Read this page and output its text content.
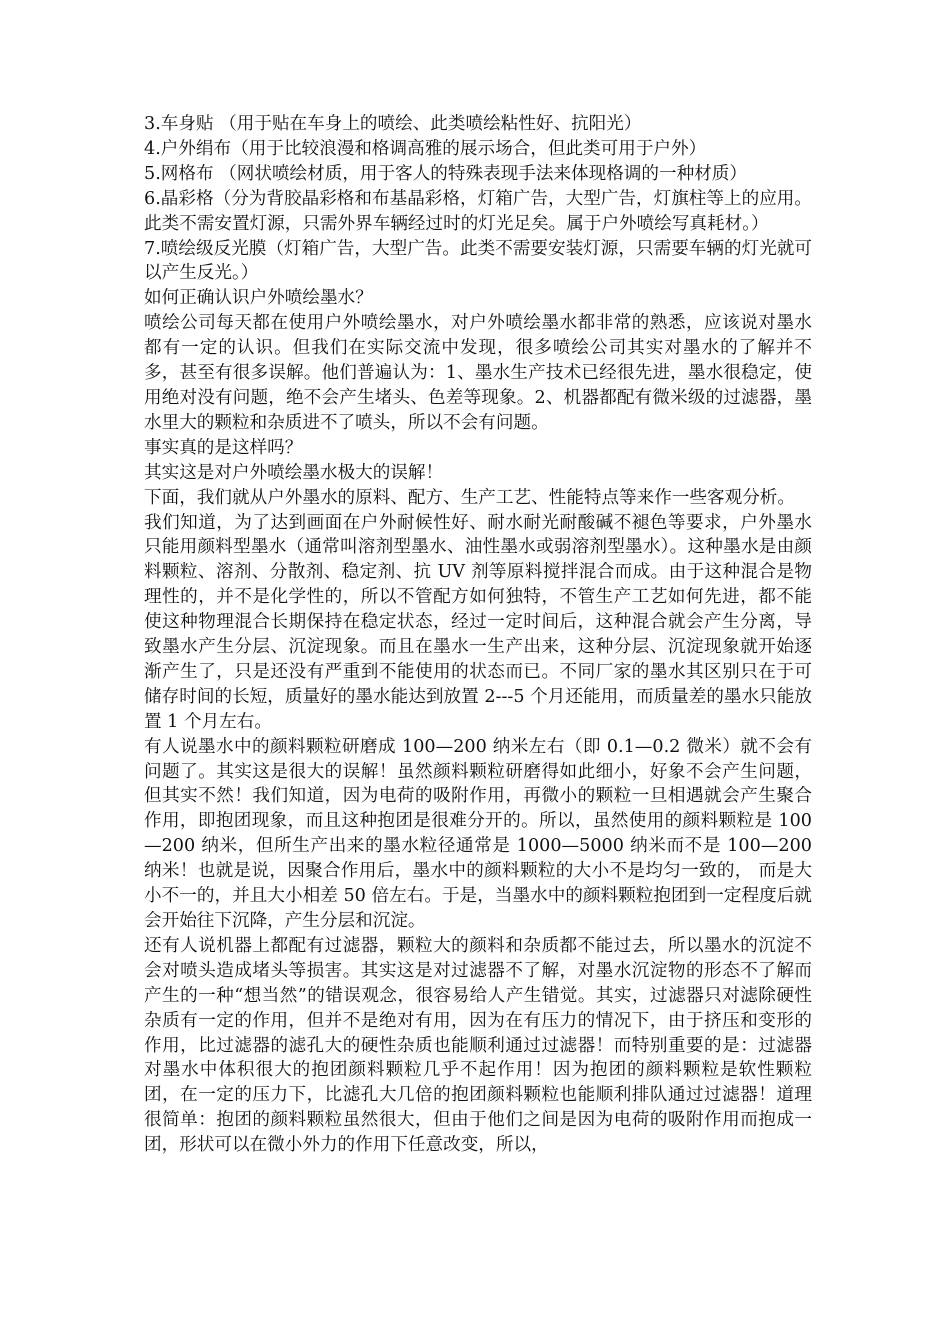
3.车身贴 （用于贴在车身上的喷绘、此类喷绘粘性好、抗阳光）

4.户外绢布（用于比较浪漫和格调高雅的展示场合，但此类可用于户外）

5.网格布 （网状喷绘材质，用于客人的特殊表现手法来体现格调的一种材质）

6.晶彩格（分为背胶晶彩格和布基晶彩格，灯箱广告，大型广告，灯旗柱等上的应用。此类不需安置灯源，只需外界车辆经过时的灯光足矣。属于户外喷绘写真耗材。）

7.喷绘级反光膜（灯箱广告，大型广告。此类不需要安装灯源，只需要车辆的灯光就可以产生反光。）

如何正确认识户外喷绘墨水？

喷绘公司每天都在使用户外喷绘墨水，对户外喷绘墨水都非常的熟悉，应该说对墨水都有一定的认识。但我们在实际交流中发现，很多喷绘公司其实对墨水的了解并不多，甚至有很多误解。他们普遍认为：1、墨水生产技术已经很先进，墨水很稳定，使用绝对没有问题，绝不会产生堵头、色差等现象。2、机器都配有微米级的过滤器，墨水里大的颗粒和杂质进不了喷头，所以不会有问题。

事实真的是这样吗？

其实这是对户外喷绘墨水极大的误解！

下面，我们就从户外墨水的原料、配方、生产工艺、性能特点等来作一些客观分析。

我们知道，为了达到画面在户外耐候性好、耐水耐光耐酸碱不褪色等要求，户外墨水只能用颜料型墨水（通常叫溶剂型墨水、油性墨水或弱溶剂型墨水）。这种墨水是由颜料颗粒、溶剂、分散剂、稳定剂、抗 UV 剂等原料搅拌混合而成。由于这种混合是物理性的，并不是化学性的，所以不管配方如何独特，不管生产工艺如何先进，都不能使这种物理混合长期保持在稳定状态，经过一定时间后，这种混合就会产生分离，导致墨水产生分层、沉淀现象。而且在墨水一生产出来，这种分层、沉淀现象就开始逐渐产生了，只是还没有严重到不能使用的状态而已。不同厂家的墨水其区别只在于可储存时间的长短，质量好的墨水能达到放置 2---5 个月还能用，而质量差的墨水只能放置 1 个月左右。

有人说墨水中的颜料颗粒研磨成 100—200 纳米左右（即 0.1—0.2 微米）就不会有问题了。其实这是很大的误解！虽然颜料颗粒研磨得如此细小，好象不会产生问题，但其实不然！我们知道，因为电荷的吸附作用，再微小的颗粒一旦相遇就会产生聚合作用，即抱团现象，而且这种抱团是很难分开的。所以，虽然使用的颜料颗粒是 100—200 纳米，但所生产出来的墨水粒径通常是 1000—5000 纳米而不是 100—200 纳米！也就是说，因聚合作用后，墨水中的颜料颗粒的大小不是均匀一致的， 而是大小不一的，并且大小相差 50 倍左右。于是，当墨水中的颜料颗粒抱团到一定程度后就会开始往下沉降，产生分层和沉淀。

还有人说机器上都配有过滤器，颗粒大的颜料和杂质都不能过去，所以墨水的沉淀不会对喷头造成堵头等损害。其实这是对过滤器不了解，对墨水沉淀物的形态不了解而产生的一种“想当然”的错误观念，很容易给人产生错觉。其实，过滤器只对滤除硬性杂质有一定的作用，但并不是绝对有用，因为在有压力的情况下，由于挤压和变形的作用，比过滤器的滤孔大的硬性杂质也能顺利通过过滤器！而特别重要的是：过滤器对墨水中体积很大的抱团颜料颗粒几乎不起作用！因为抱团的颜料颗粒是软性颗粒团，在一定的压力下，比滤孔大几倍的抱团颜料颗粒也能顺利排队通过过滤器！道理很简单：抱团的颜料颗粒虽然很大，但由于他们之间是因为电荷的吸附作用而抱成一团，形状可以在微小外力的作用下任意改变，所以，
